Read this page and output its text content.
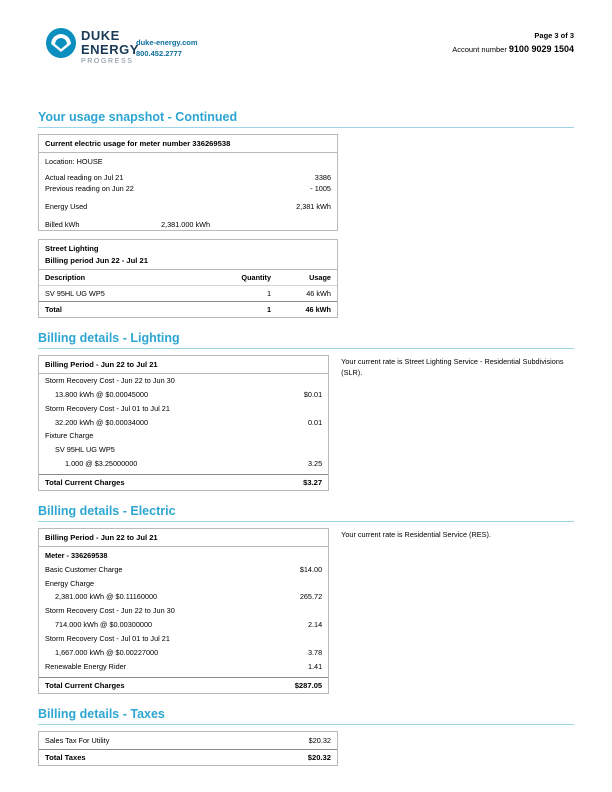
DUKE
ENERGY
PROGRESS
duke-energy.com
800.452.2777
Page 3 of 3
Account number 9100 9029 1504
Your usage snapshot - Continued
Current electric usage for meter number 336269538
Location: HOUSE
Actual reading on Jul 21	3386
Previous reading on Jun 22	- 1005
Energy Used	2,381 kWh
Billed kWh	2,381.000 kWh
Street Lighting
Billing period Jun 22 - Jul 21
Description	Quantity	Usage
SV 95HL UG WP5	1	46 kWh
Total	1	46 kWh
Billing details - Lighting
Billing Period - Jun 22 to Jul 21
Storm Recovery Cost - Jun 22 to Jun 30
13.800 kWh @ $0.00045000	$0.01
Storm Recovery Cost - Jul 01 to Jul 21
32.200 kWh @ $0.00034000	0.01
Fixture Charge
SV 95HL UG WP5
1.000 @ $3.25000000	3.25
Total Current Charges	$3.27
Your current rate is Street Lighting Service - Residential Subdivisions (SLR).
Billing details - Electric
Billing Period - Jun 22 to Jul 21
Meter - 336269538
Basic Customer Charge	$14.00
Energy Charge
2,381.000 kWh @ $0.11160000	265.72
Storm Recovery Cost - Jun 22 to Jun 30
714.000 kWh @ $0.00300000	2.14
Storm Recovery Cost - Jul 01 to Jul 21
1,667.000 kWh @ $0.00227000	3.78
Renewable Energy Rider	1.41
Total Current Charges	$287.05
Your current rate is Residential Service (RES).
Billing details - Taxes
Sales Tax For Utility	$20.32
Total Taxes	$20.32
